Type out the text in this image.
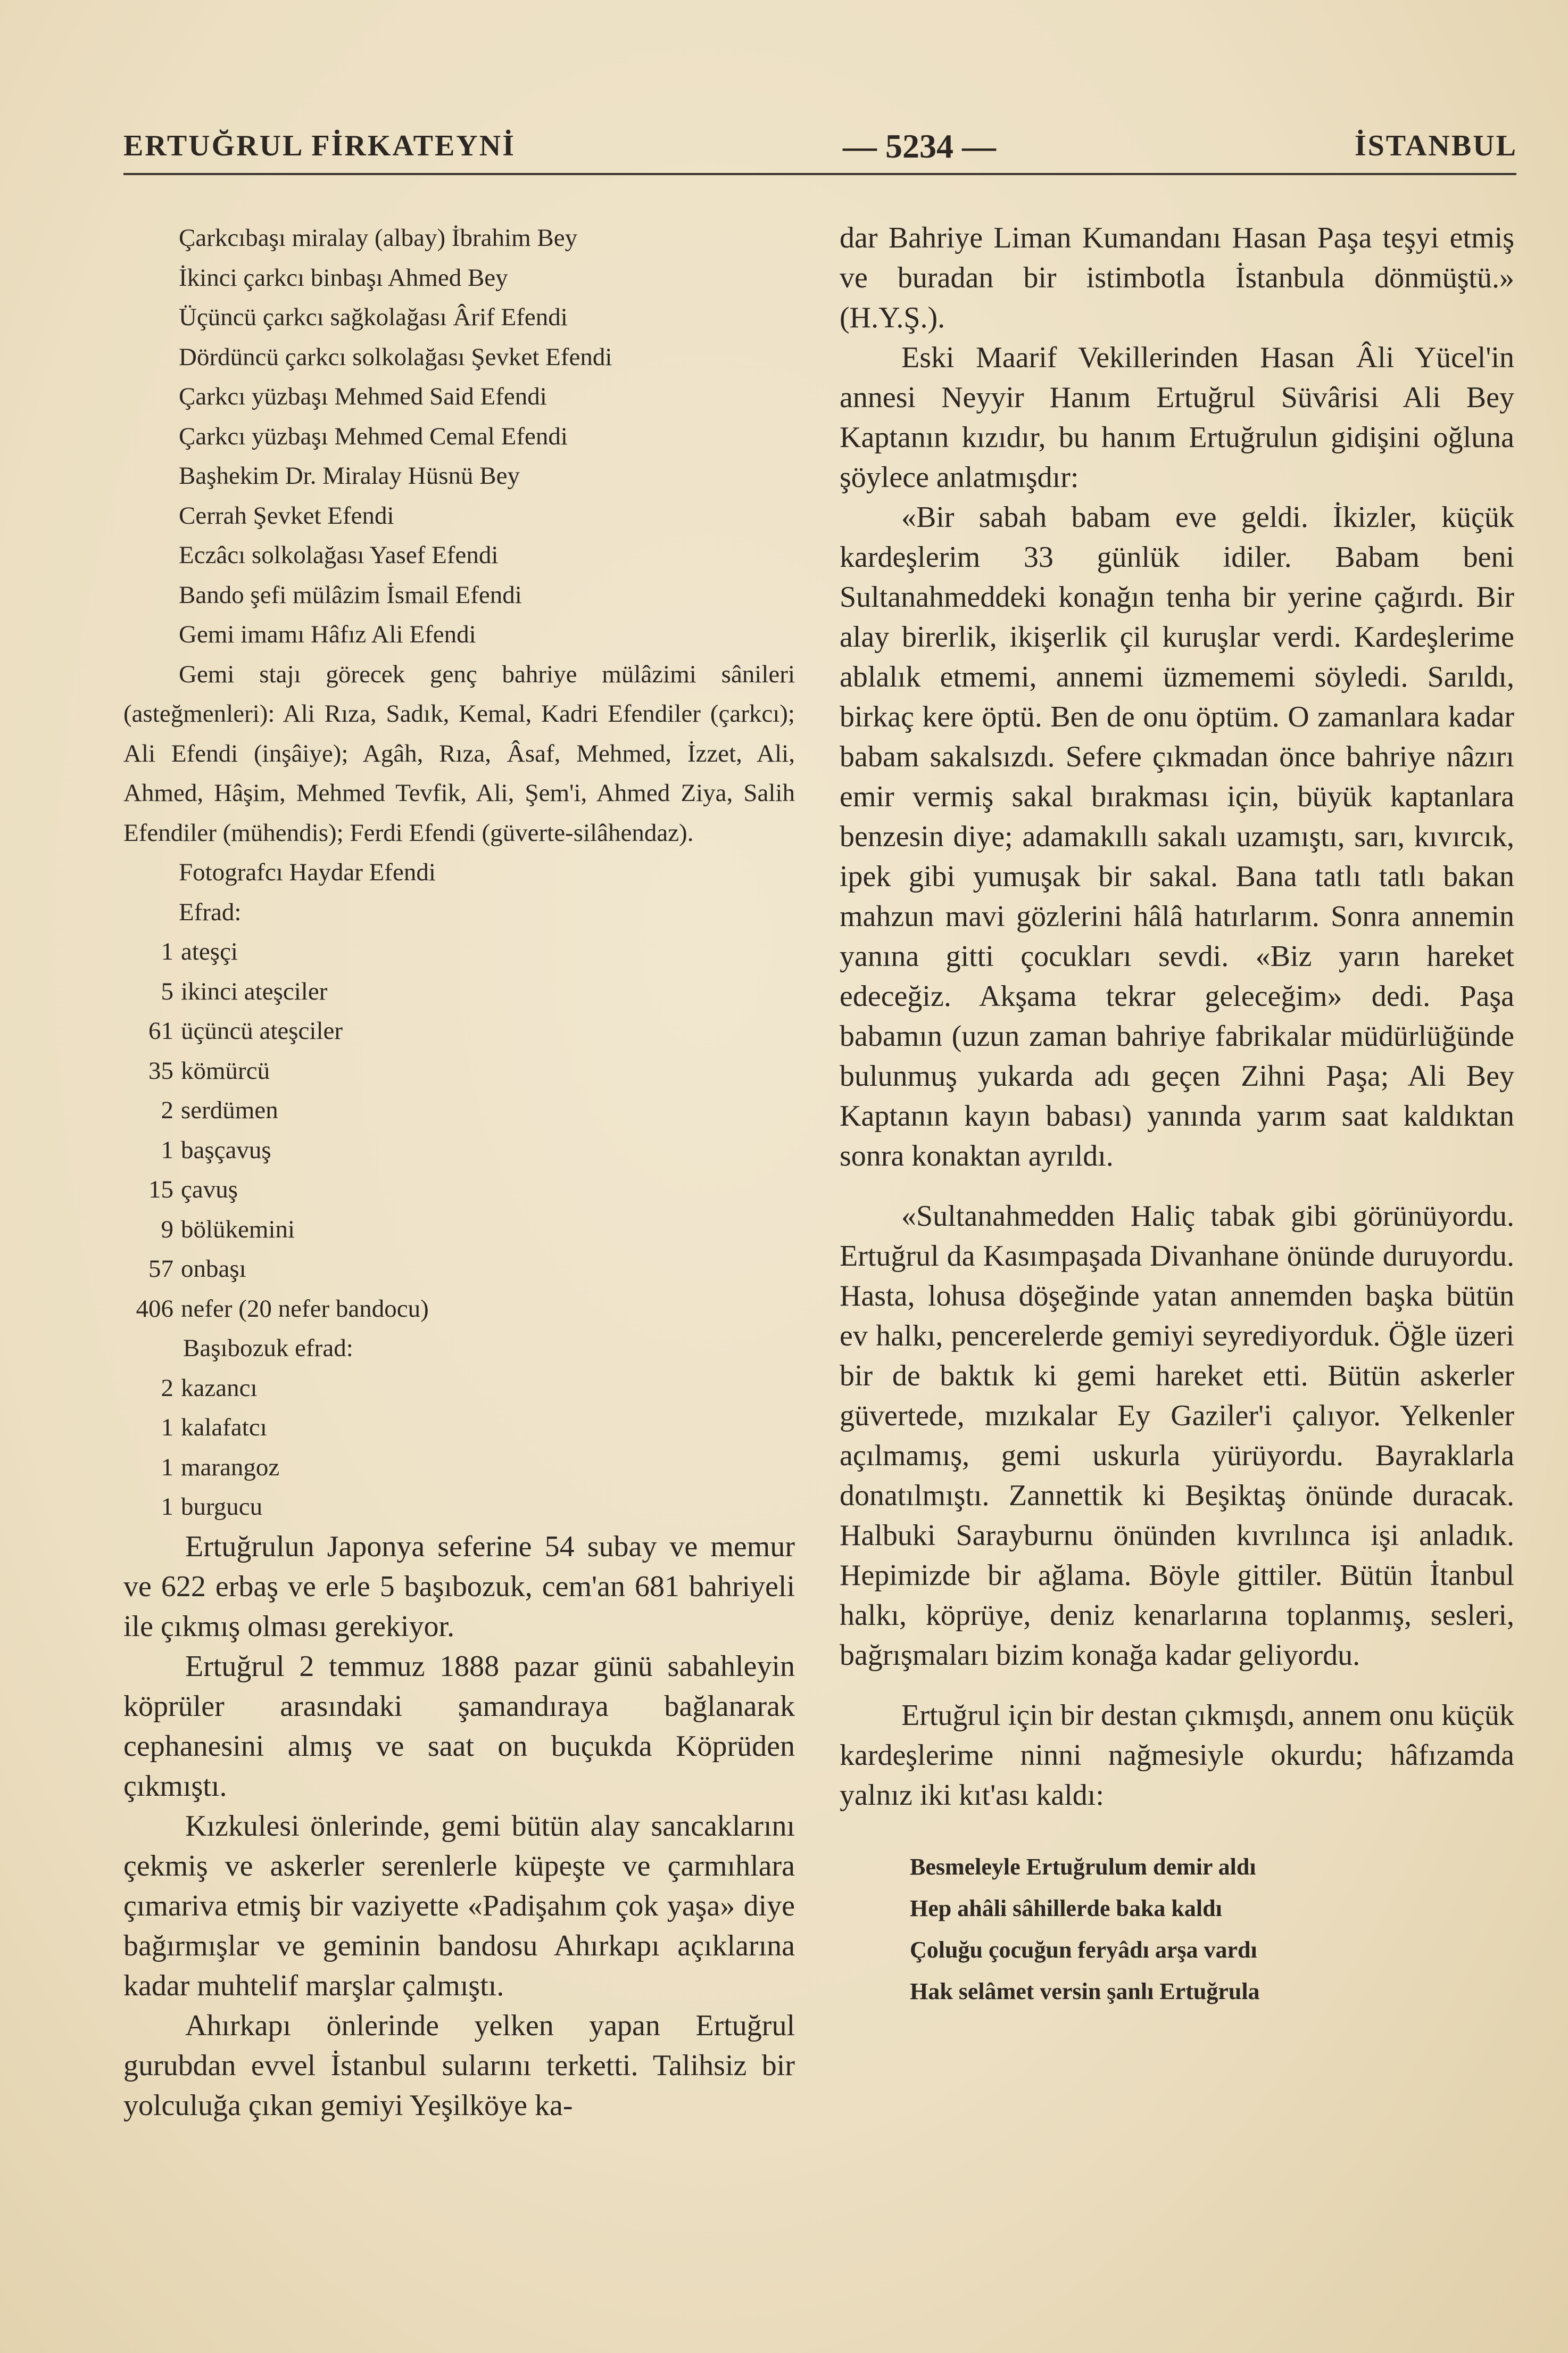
ERTUĞRUL FİRKATEYNİ	— 5234 —	İSTANBUL
Çarkcıbaşı miralay (albay) İbrahim Bey
İkinci çarkcı binbaşı Ahmed Bey
Üçüncü çarkcı sağkolağası Ârif Efendi
Dördüncü çarkcı solkolağası Şevket Efendi
Çarkcı yüzbaşı Mehmed Said Efendi
Çarkcı yüzbaşı Mehmed Cemal Efendi
Başhekim Dr. Miralay Hüsnü Bey
Cerrah Şevket Efendi
Eczâcı solkolağası Yasef Efendi
Bando şefi mülâzim İsmail Efendi
Gemi imamı Hâfız Ali Efendi
Gemi stajı görecek genç bahriye mülâzimi sânileri (asteğmenleri): Ali Rıza, Sadık, Kemal, Kadri Efendiler (çarkcı); Ali Efendi (inşâiye); Agâh, Rıza, Âsaf, Mehmed, İzzet, Ali, Ahmed, Hâşim, Mehmed Tevfik, Ali, Şem'i, Ahmed Ziya, Salih Efendiler (mühendis); Ferdi Efendi (güverte-silâhendaz).
Fotografcı Haydar Efendi
Efrad:
1 ateşçi
5 ikinci ateşciler
61 üçüncü ateşciler
35 kömürcü
2 serdümen
1 başçavuş
15 çavuş
9 bölükemini
57 onbaşı
406 nefer (20 nefer bandocu)
Başıbozuk efrad:
2 kazancı
1 kalafatcı
1 marangoz
1 burgucu

Ertuğrulun Japonya seferine 54 subay ve memur ve 622 erbaş ve erle 5 başıbozuk, cem'an 681 bahriyeli ile çıkmış olması gerekiyor.

Ertuğrul 2 temmuz 1888 pazar günü sabahleyin köprüler arasındaki şamandıraya bağlanarak cephanesini almış ve saat on buçukda Köprüden çıkmıştı.

Kızkulesi önlerinde, gemi bütün alay sancaklarını çekmiş ve askerler serenlerle küpeşte ve çarmıhlara çımariva etmiş bir vaziyette «Padişahım çok yaşa» diye bağırmışlar ve geminin bandosu Ahırkapı açıklarına kadar muhtelif marşlar çalmıştı.

Ahırkapı önlerinde yelken yapan Ertuğrul gurubdan evvel İstanbul sularını terketti. Talihsiz bir yolculuğa çıkan gemiyi Yeşilköye ka-

dar Bahriye Liman Kumandanı Hasan Paşa teşyi etmiş ve buradan bir istimbotla İstanbula dönmüştü.» (H.Y.Ş.).

Eski Maarif Vekillerinden Hasan Âli Yücel'in annesi Neyyir Hanım Ertuğrul Süvârisi Ali Bey Kaptanın kızıdır, bu hanım Ertuğrulun gidişini oğluna şöylece anlatmışdır:

«Bir sabah babam eve geldi. İkizler, küçük kardeşlerim 33 günlük idiler. Babam beni Sultanahmeddeki konağın tenha bir yerine çağırdı. Bir alay birerlik, ikişerlik çil kuruşlar verdi. Kardeşlerime ablalık etmemi, annemi üzmememi söyledi. Sarıldı, birkaç kere öptü. Ben de onu öptüm. O zamanlara kadar babam sakalsızdı. Sefere çıkmadan önce bahriye nâzırı emir vermiş sakal bırakması için, büyük kaptanlara benzesin diye; adamakıllı sakalı uzamıştı, sarı, kıvırcık, ipek gibi yumuşak bir sakal. Bana tatlı tatlı bakan mahzun mavi gözlerini hâlâ hatırlarım. Sonra annemin yanına gitti çocukları sevdi. «Biz yarın hareket edeceğiz. Akşama tekrar geleceğim» dedi. Paşa babamın (uzun zaman bahriye fabrikalar müdürlüğünde bulunmuş yukarda adı geçen Zihni Paşa; Ali Bey Kaptanın kayın babası) yanında yarım saat kaldıktan sonra konaktan ayrıldı.

«Sultanahmedden Haliç tabak gibi görünüyordu. Ertuğrul da Kasımpaşada Divanhane önünde duruyordu. Hasta, lohusa döşeğinde yatan annemden başka bütün ev halkı, pencerelerde gemiyi seyrediyorduk. Öğle üzeri bir de baktık ki gemi hareket etti. Bütün askerler güvertede, mızıkalar Ey Gaziler'i çalıyor. Yelkenler açılmamış, gemi uskurla yürüyordu. Bayraklarla donatılmıştı. Zannettik ki Beşiktaş önünde duracak. Halbuki Sarayburnu önünden kıvrılınca işi anladık. Hepimizde bir ağlama. Böyle gittiler. Bütün İtanbul halkı, köprüye, deniz kenarlarına toplanmış, sesleri, bağrışmaları bizim konağa kadar geliyordu.

Ertuğrul için bir destan çıkmışdı, annem onu küçük kardeşlerime ninni nağmesiyle okurdu; hâfızamda yalnız iki kıt'ası kaldı:

Besmeleyle Ertuğrulum demir aldı
Hep ahâli sâhillerde baka kaldı
Çoluğu çocuğun feryâdı arşa vardı
Hak selâmet versin şanlı Ertuğrula
